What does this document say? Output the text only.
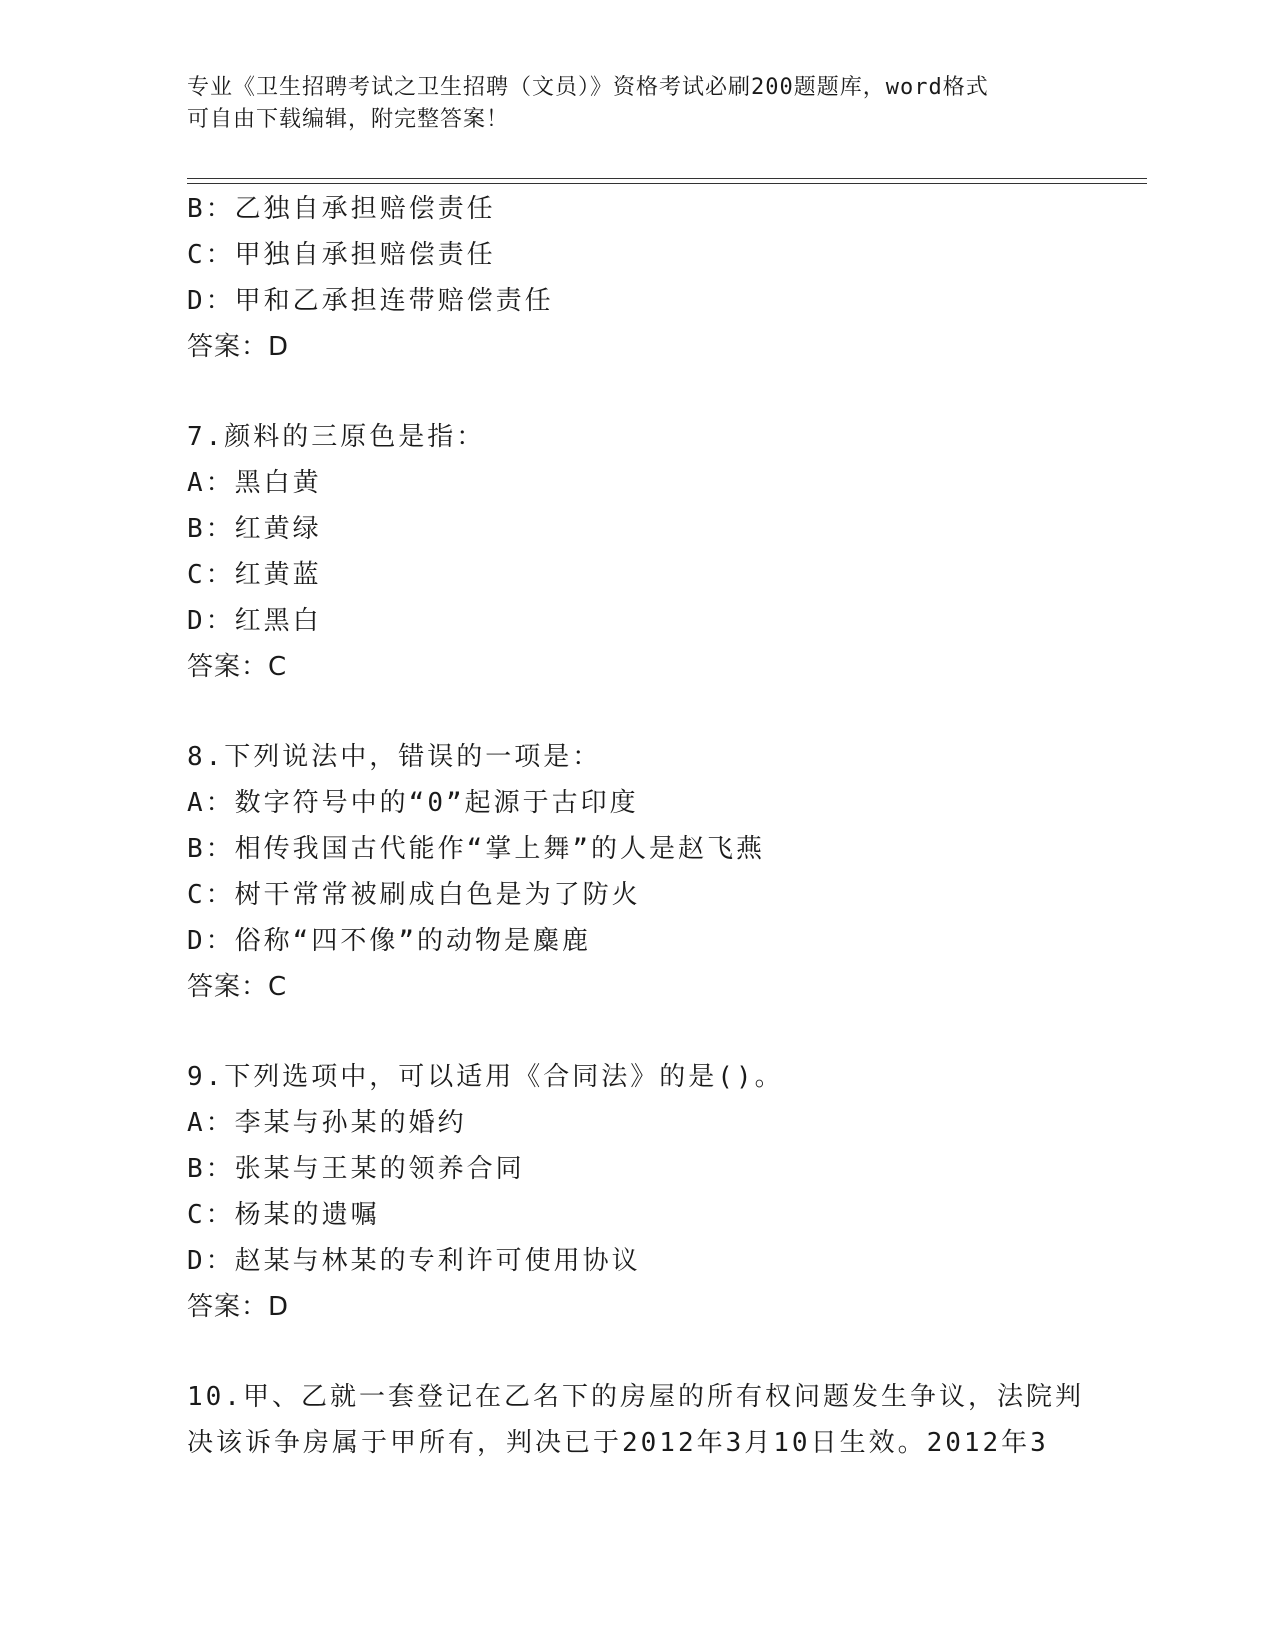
专业《卫生招聘考试之卫生招聘（文员）》资格考试必刷200题题库，word格式
可自由下载编辑，附完整答案！
B：乙独自承担赔偿责任
C：甲独自承担赔偿责任
D：甲和乙承担连带赔偿责任
答案：D
7.颜料的三原色是指：
A：黑白黄
B：红黄绿
C：红黄蓝
D：红黑白
答案：C
8.下列说法中，错误的一项是：
A：数字符号中的“0”起源于古印度
B：相传我国古代能作“掌上舞”的人是赵飞燕
C：树干常常被刷成白色是为了防火
D：俗称“四不像”的动物是麋鹿
答案：C
9.下列选项中，可以适用《合同法》的是()。
A：李某与孙某的婚约
B：张某与王某的领养合同
C：杨某的遗嘱
D：赵某与林某的专利许可使用协议
答案：D
10.甲、乙就一套登记在乙名下的房屋的所有权问题发生争议，法院判
决该诉争房属于甲所有，判决已于2012年3月10日生效。2012年3
